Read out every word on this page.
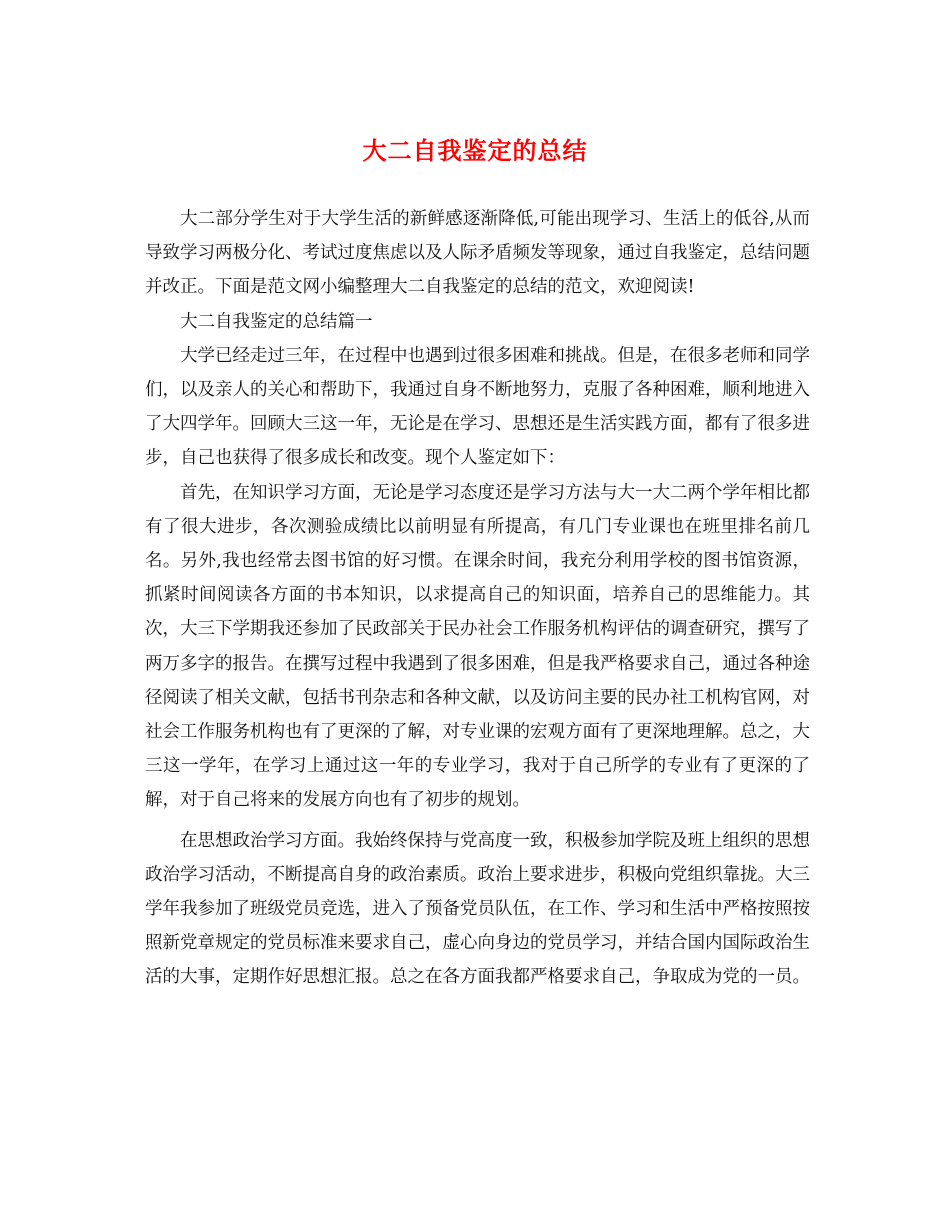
大二自我鉴定的总结

大二部分学生对于大学生活的新鲜感逐渐降低,可能出现学习、生活上的低谷,从而导致学习两极分化、考试过度焦虑以及人际矛盾频发等现象，通过自我鉴定，总结问题并改正。下面是范文网小编整理大二自我鉴定的总结的范文，欢迎阅读!

大二自我鉴定的总结篇一

大学已经走过三年，在过程中也遇到过很多困难和挑战。但是，在很多老师和同学们，以及亲人的关心和帮助下，我通过自身不断地努力，克服了各种困难，顺利地进入了大四学年。回顾大三这一年，无论是在学习、思想还是生活实践方面，都有了很多进步，自己也获得了很多成长和改变。现个人鉴定如下：

首先，在知识学习方面，无论是学习态度还是学习方法与大一大二两个学年相比都有了很大进步，各次测验成绩比以前明显有所提高，有几门专业课也在班里排名前几名。另外,我也经常去图书馆的好习惯。在课余时间，我充分利用学校的图书馆资源，抓紧时间阅读各方面的书本知识，以求提高自己的知识面，培养自己的思维能力。其次，大三下学期我还参加了民政部关于民办社会工作服务机构评估的调查研究，撰写了两万多字的报告。在撰写过程中我遇到了很多困难，但是我严格要求自己，通过各种途径阅读了相关文献，包括书刊杂志和各种文献，以及访问主要的民办社工机构官网，对社会工作服务机构也有了更深的了解，对专业课的宏观方面有了更深地理解。总之，大三这一学年，在学习上通过这一年的专业学习，我对于自己所学的专业有了更深的了解，对于自己将来的发展方向也有了初步的规划。

在思想政治学习方面。我始终保持与党高度一致，积极参加学院及班上组织的思想政治学习活动，不断提高自身的政治素质。政治上要求进步，积极向党组织靠拢。大三学年我参加了班级党员竞选，进入了预备党员队伍，在工作、学习和生活中严格按照按照新党章规定的党员标准来要求自己，虚心向身边的党员学习，并结合国内国际政治生活的大事，定期作好思想汇报。总之在各方面我都严格要求自己，争取成为党的一员。
